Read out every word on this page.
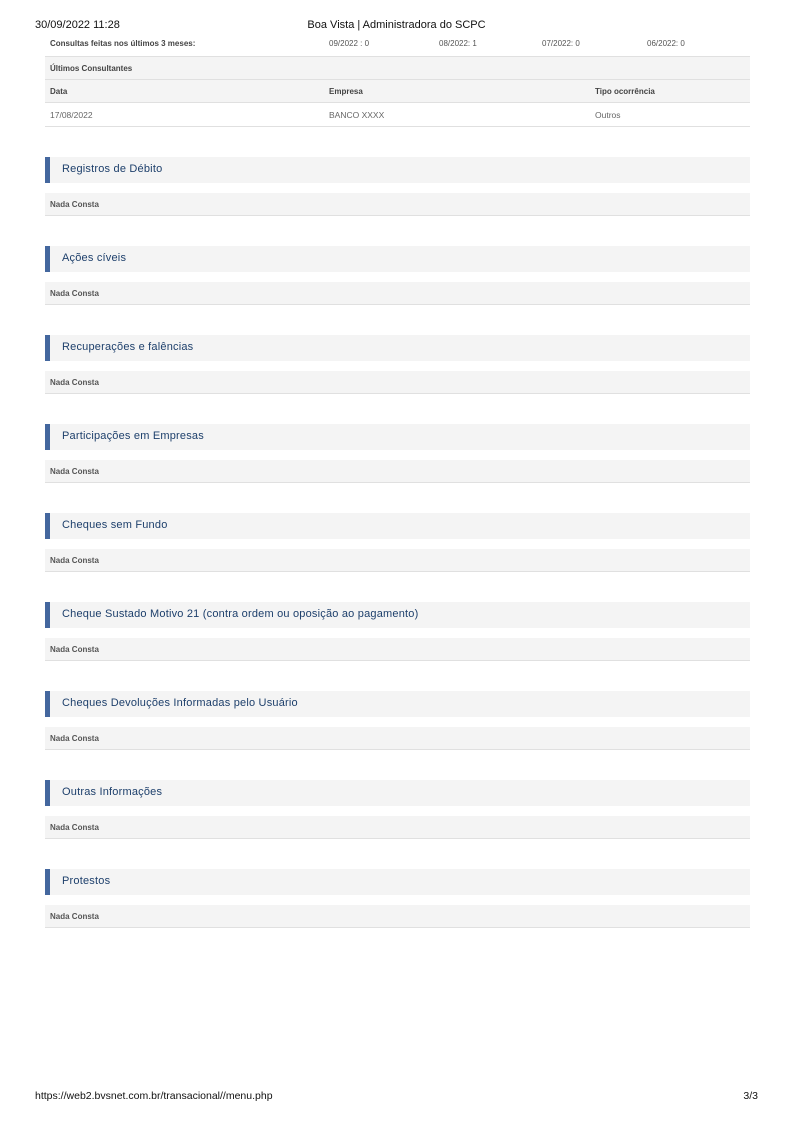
30/09/2022 11:28	Boa Vista | Administradora do SCPC
Consultas feitas nos últimos 3 meses:	09/2022 : 0	08/2022: 1	07/2022: 0	06/2022: 0
Últimos Consultantes
Data	Empresa	Tipo ocorrência
17/08/2022	BANCO XXXX	Outros
Registros de Débito
Nada Consta
Ações cíveis
Nada Consta
Recuperações e falências
Nada Consta
Participações em Empresas
Nada Consta
Cheques sem Fundo
Nada Consta
Cheque Sustado Motivo 21 (contra ordem ou oposição ao pagamento)
Nada Consta
Cheques Devoluções Informadas pelo Usuário
Nada Consta
Outras Informações
Nada Consta
Protestos
Nada Consta
https://web2.bvsnet.com.br/transacional//menu.php	3/3
